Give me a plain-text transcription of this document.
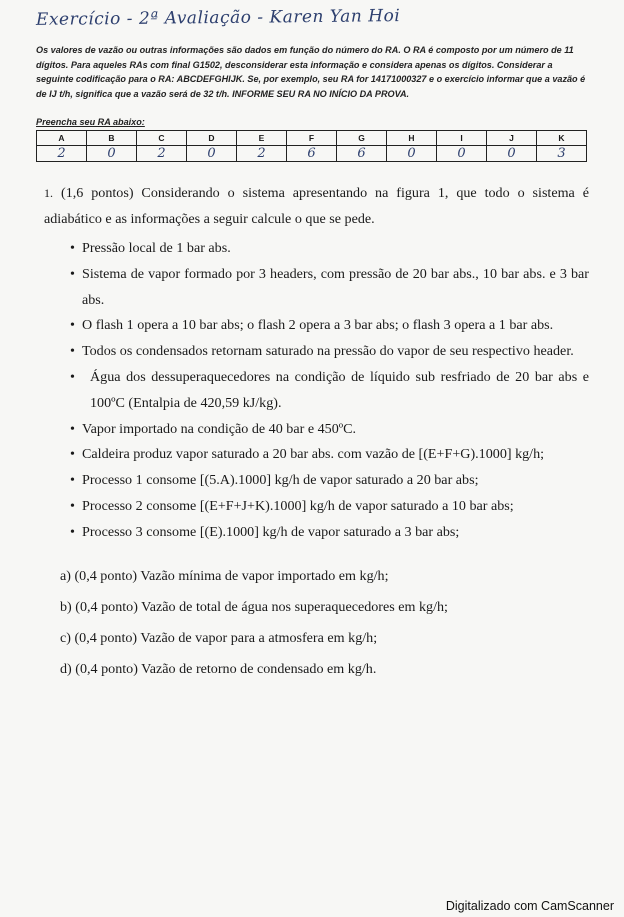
Exercício - 2ª Avaliação - Karen Yan Hoi
Os valores de vazão ou outras informações são dados em função do número do RA. O RA é composto por um número de 11 dígitos. Para aqueles RAs com final G1502, desconsiderar esta informação e considera apenas os dígitos. Considerar a seguinte codificação para o RA: ABCDEFGHIJK. Se, por exemplo, seu RA for 14171000327 e o exercício informar que a vazão é de IJ t/h, significa que a vazão será de 32 t/h. INFORME SEU RA NO INÍCIO DA PROVA.
Preencha seu RA abaixo:
A	B	C	D	E	F	G	H	I	J	K
2	0	2	0	2	6	6	0	0	0	3

1. (1,6 pontos) Considerando o sistema apresentando na figura 1, que todo o sistema é adiabático e as informações a seguir calcule o que se pede.

• Pressão local de 1 bar abs.
• Sistema de vapor formado por 3 headers, com pressão de 20 bar abs., 10 bar abs. e 3 bar abs.
• O flash 1 opera a 10 bar abs; o flash 2 opera a 3 bar abs; o flash 3 opera a 1 bar abs.
• Todos os condensados retornam saturado na pressão do vapor de seu respectivo header.
• Água dos dessuperaquecedores na condição de líquido sub resfriado de 20 bar abs e 100ºC (Entalpia de 420,59 kJ/kg).
• Vapor importado na condição de 40 bar e 450ºC.
• Caldeira produz vapor saturado a 20 bar abs. com vazão de [(E+F+G).1000] kg/h;
• Processo 1 consome [(5.A).1000] kg/h de vapor saturado a 20 bar abs;
• Processo 2 consome [(E+F+J+K).1000] kg/h de vapor saturado a 10 bar abs;
• Processo 3 consome [(E).1000] kg/h de vapor saturado a 3 bar abs;
a) (0,4 ponto) Vazão mínima de vapor importado em kg/h;
b) (0,4 ponto) Vazão de total de água nos superaquecedores em kg/h;
c) (0,4 ponto) Vazão de vapor para a atmosfera em kg/h;
d) (0,4 ponto) Vazão de retorno de condensado em kg/h.
Digitalizado com CamScanner
